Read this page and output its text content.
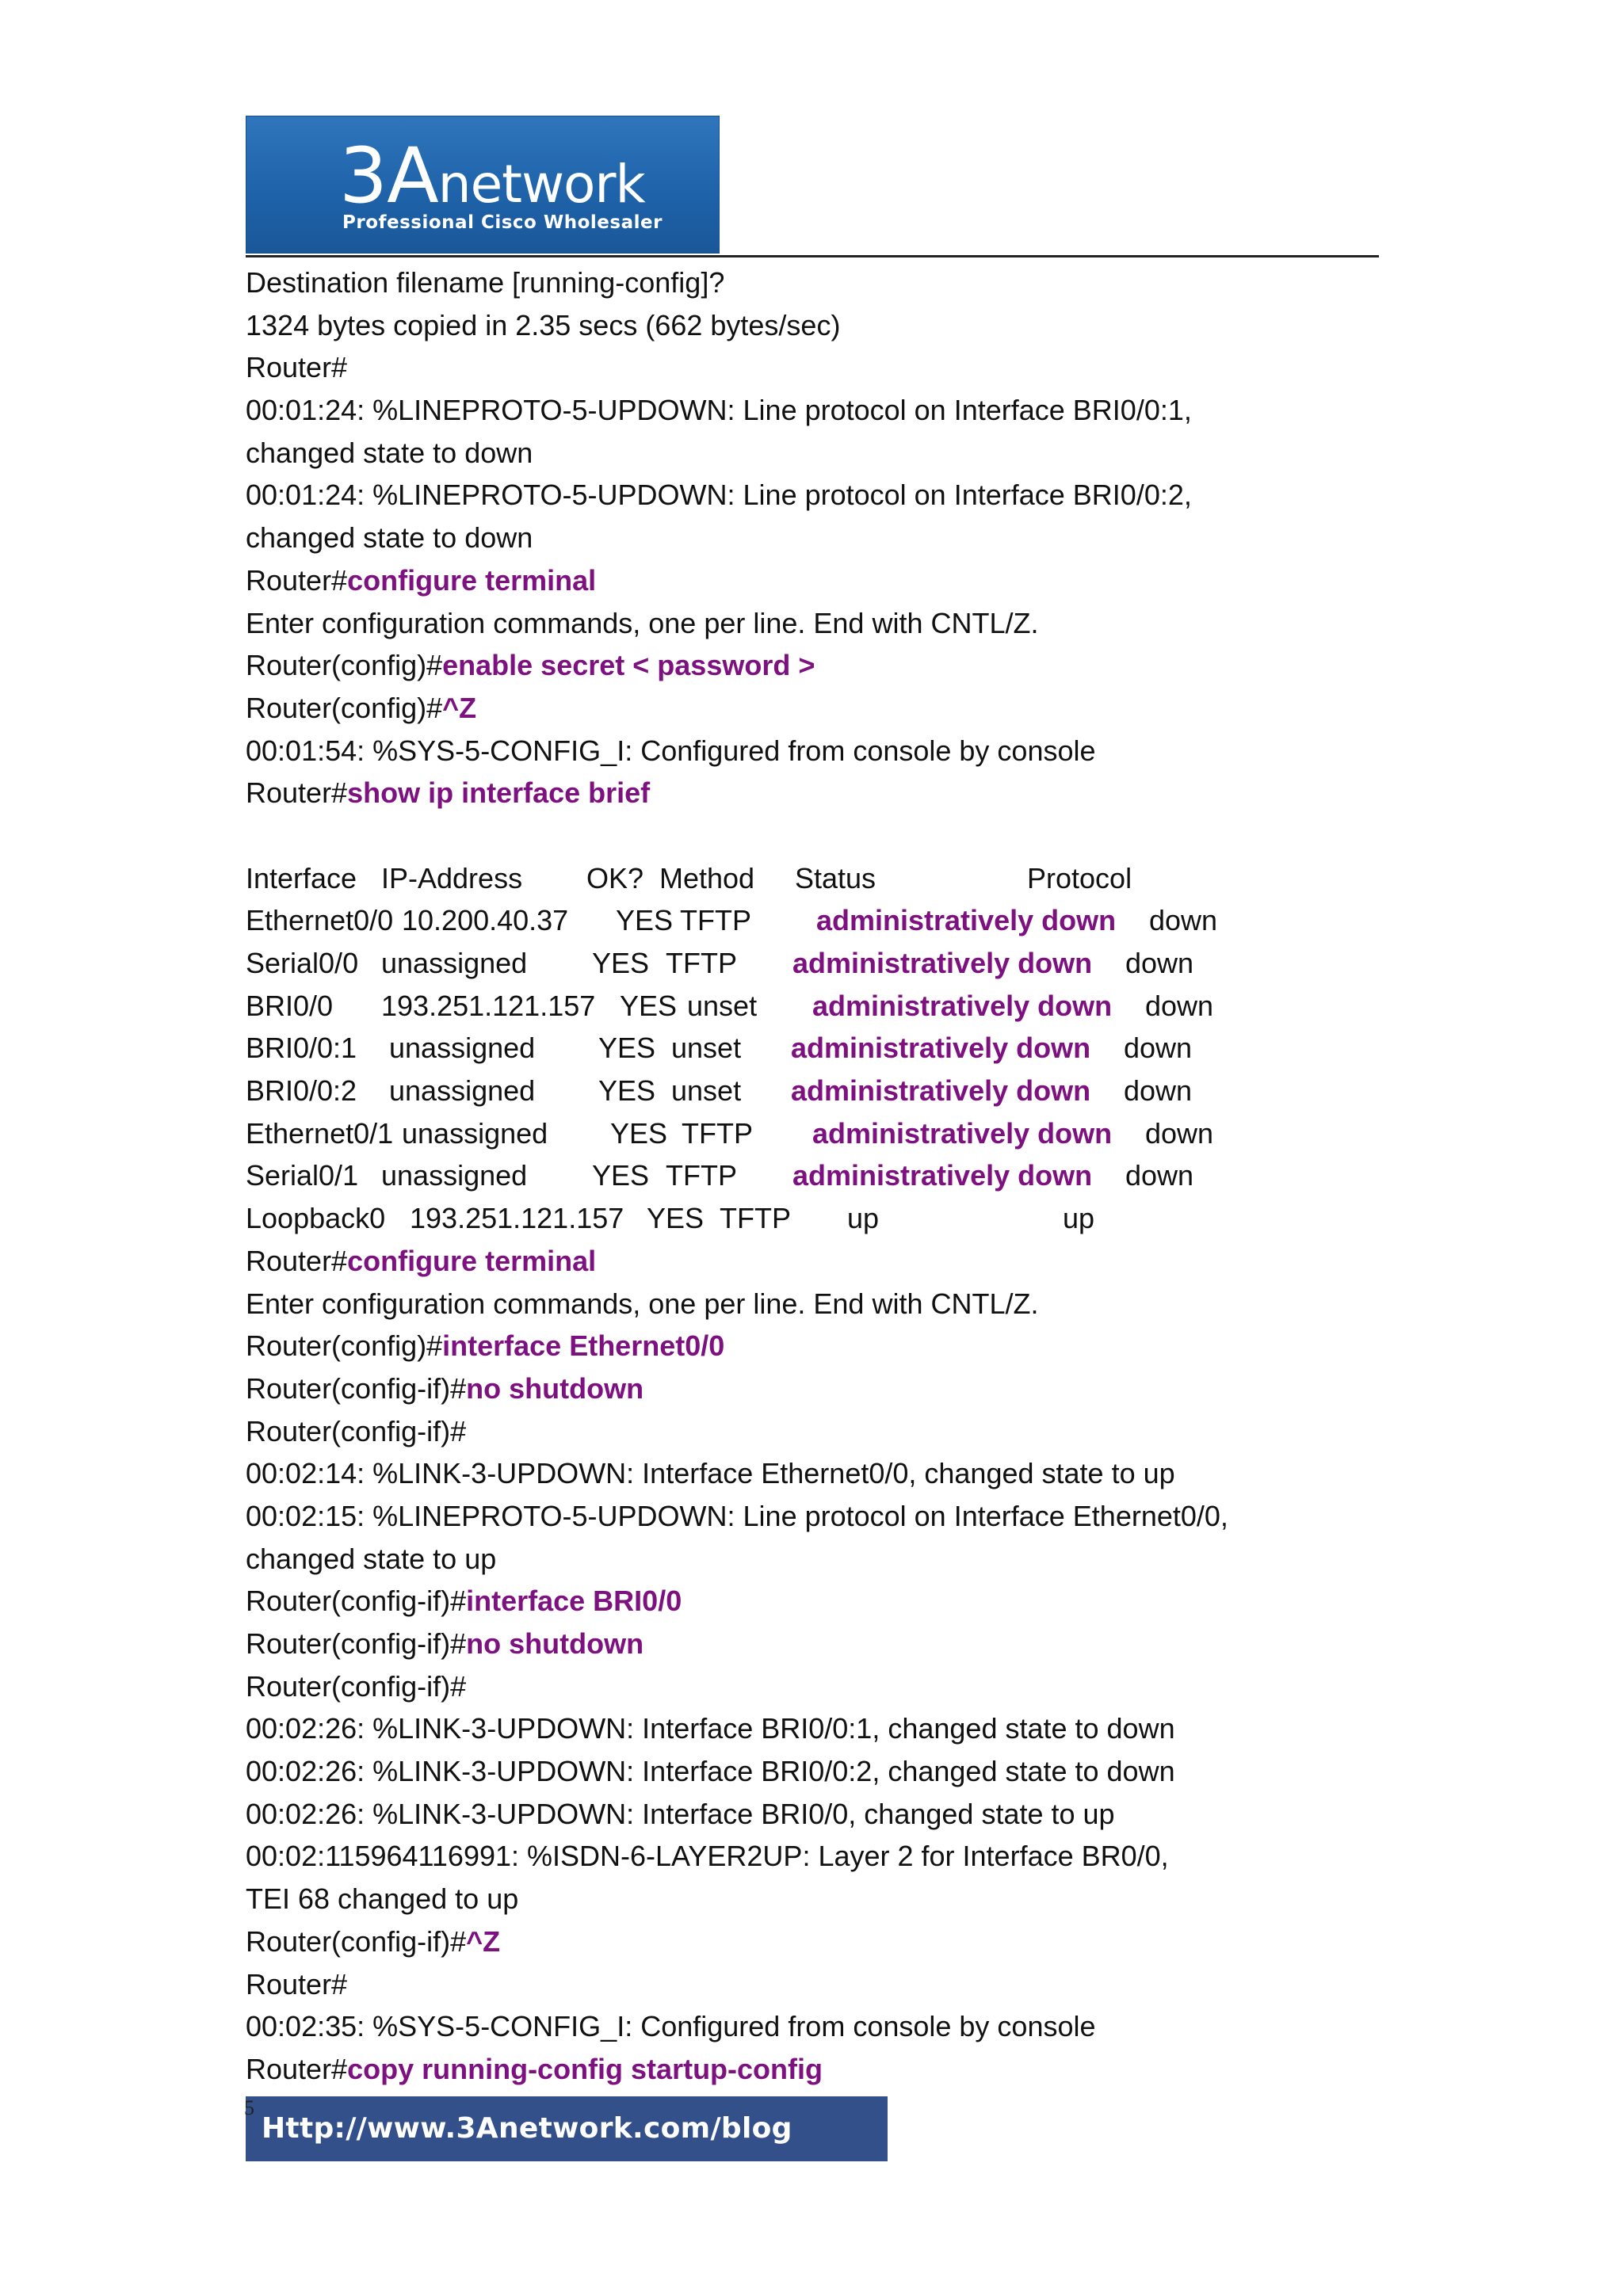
3Anetwork
Professional Cisco Wholesaler
Destination filename [running-config]?
1324 bytes copied in 2.35 secs (662 bytes/sec)
Router#
00:01:24: %LINEPROTO-5-UPDOWN: Line protocol on Interface BRI0/0:1,
changed state to down
00:01:24: %LINEPROTO-5-UPDOWN: Line protocol on Interface BRI0/0:2,
changed state to down
Router#configure terminal
Enter configuration commands, one per line. End with CNTL/Z.
Router(config)#enable secret < password >
Router(config)#^Z
00:01:54: %SYS-5-CONFIG_I: Configured from console by console
Router#show ip interface brief
Interface IP-Address OK? Method Status	Protocol
Ethernet0/0 10.200.40.37 YES TFTP administratively down down
Serial0/0 unassigned YES TFTP administratively down down
BRI0/0 193.251.121.157 YES unset administratively down down
BRI0/0:1 unassigned YES unset administratively down down
BRI0/0:2 unassigned YES unset administratively down down
Ethernet0/1 unassigned YES TFTP administratively down down
Serial0/1 unassigned YES TFTP administratively down down
Loopback0 193.251.121.157 YES TFTP up	up
Router#configure terminal
Enter configuration commands, one per line. End with CNTL/Z.
Router(config)#interface Ethernet0/0
Router(config-if)#no shutdown
Router(config-if)#
00:02:14: %LINK-3-UPDOWN: Interface Ethernet0/0, changed state to up
00:02:15: %LINEPROTO-5-UPDOWN: Line protocol on Interface Ethernet0/0,
changed state to up
Router(config-if)#interface BRI0/0
Router(config-if)#no shutdown
Router(config-if)#
00:02:26: %LINK-3-UPDOWN: Interface BRI0/0:1, changed state to down
00:02:26: %LINK-3-UPDOWN: Interface BRI0/0:2, changed state to down
00:02:26: %LINK-3-UPDOWN: Interface BRI0/0, changed state to up
00:02:115964116991: %ISDN-6-LAYER2UP: Layer 2 for Interface BR0/0,
TEI 68 changed to up
Router(config-if)#^Z
Router#
00:02:35: %SYS-5-CONFIG_I: Configured from console by console
Router#copy running-config startup-config
Http://www.3Anetwork.com/blog
5
